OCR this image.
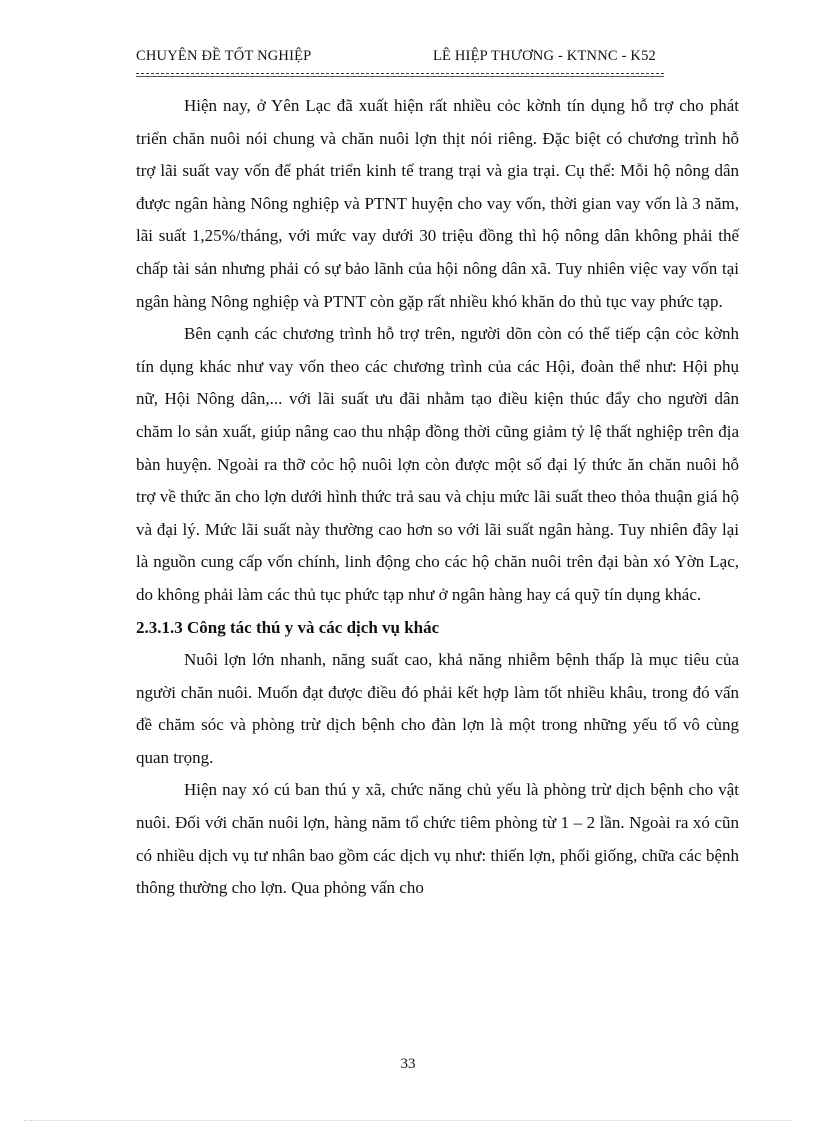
CHUYÊN ĐỀ TỐT NGHIỆP	LÊ HIỆP THƯƠNG - KTNNC - K52

Hiện nay, ở Yên Lạc đã xuất hiện rất nhiều cỏc kờnh tín dụng hỗ trợ cho phát triển chăn nuôi nói chung và chăn nuôi lợn thịt nói riêng. Đặc biệt có chương trình hỗ trợ lãi suất vay vốn để phát triển kinh tế trang trại và gia trại. Cụ thể: Mỗi hộ nông dân được ngân hàng Nông nghiệp và PTNT huyện cho vay vốn, thời gian vay vốn là 3 năm, lãi suất 1,25%/tháng, với mức vay dưới 30 triệu đồng thì hộ nông dân không phải thế chấp tài sản nhưng phải có sự bảo lãnh của hội nông dân xã. Tuy nhiên việc vay vốn tại ngân hàng Nông nghiệp và PTNT còn gặp rất nhiều khó khăn do thủ tục vay phức tạp.

Bên cạnh các chương trình hỗ trợ trên, người dõn còn có thể tiếp cận cỏc kờnh tín dụng khác như vay vốn theo các chương trình của các Hội, đoàn thể như: Hội phụ nữ, Hội Nông dân,... với lãi suất ưu đãi nhằm tạo điều kiện thúc đẩy cho người dân chăm lo sản xuất, giúp nâng cao thu nhập đồng thời cũng giảm tỷ lệ thất nghiệp trên địa bàn huyện. Ngoài ra thỡ cỏc hộ nuôi lợn còn được một số đại lý thức ăn chăn nuôi hỗ trợ về thức ăn cho lợn dưới hình thức trả sau và chịu mức lãi suất theo thỏa thuận giá hộ và đại lý. Mức lãi suất này thường cao hơn so với lãi suất ngân hàng. Tuy nhiên đây lại là nguồn cung cấp vốn chính, linh động cho các hộ chăn nuôi trên đại bàn xó Yờn Lạc, do không phải làm các thủ tục phức tạp như ở ngân hàng hay cá quỹ tín dụng khác.

2.3.1.3 Công tác thú y và các dịch vụ khác

Nuôi lợn lớn nhanh, năng suất cao, khả năng nhiễm bệnh thấp là mục tiêu của người chăn nuôi. Muốn đạt được điều đó phải kết hợp làm tốt nhiều khâu, trong đó vấn đề chăm sóc và phòng trừ dịch bệnh cho đàn lợn là một trong những yếu tố vô cùng quan trọng.

Hiện nay xó cú ban thú y xã, chức năng chủ yếu là phòng trừ dịch bệnh cho vật nuôi. Đối với chăn nuôi lợn, hàng năm tổ chức tiêm phòng từ 1 – 2 lần. Ngoài ra xó cũn có nhiều dịch vụ tư nhân bao gồm các dịch vụ như: thiến lợn, phối giống, chữa các bệnh thông thường cho lợn. Qua phỏng vấn cho

33
